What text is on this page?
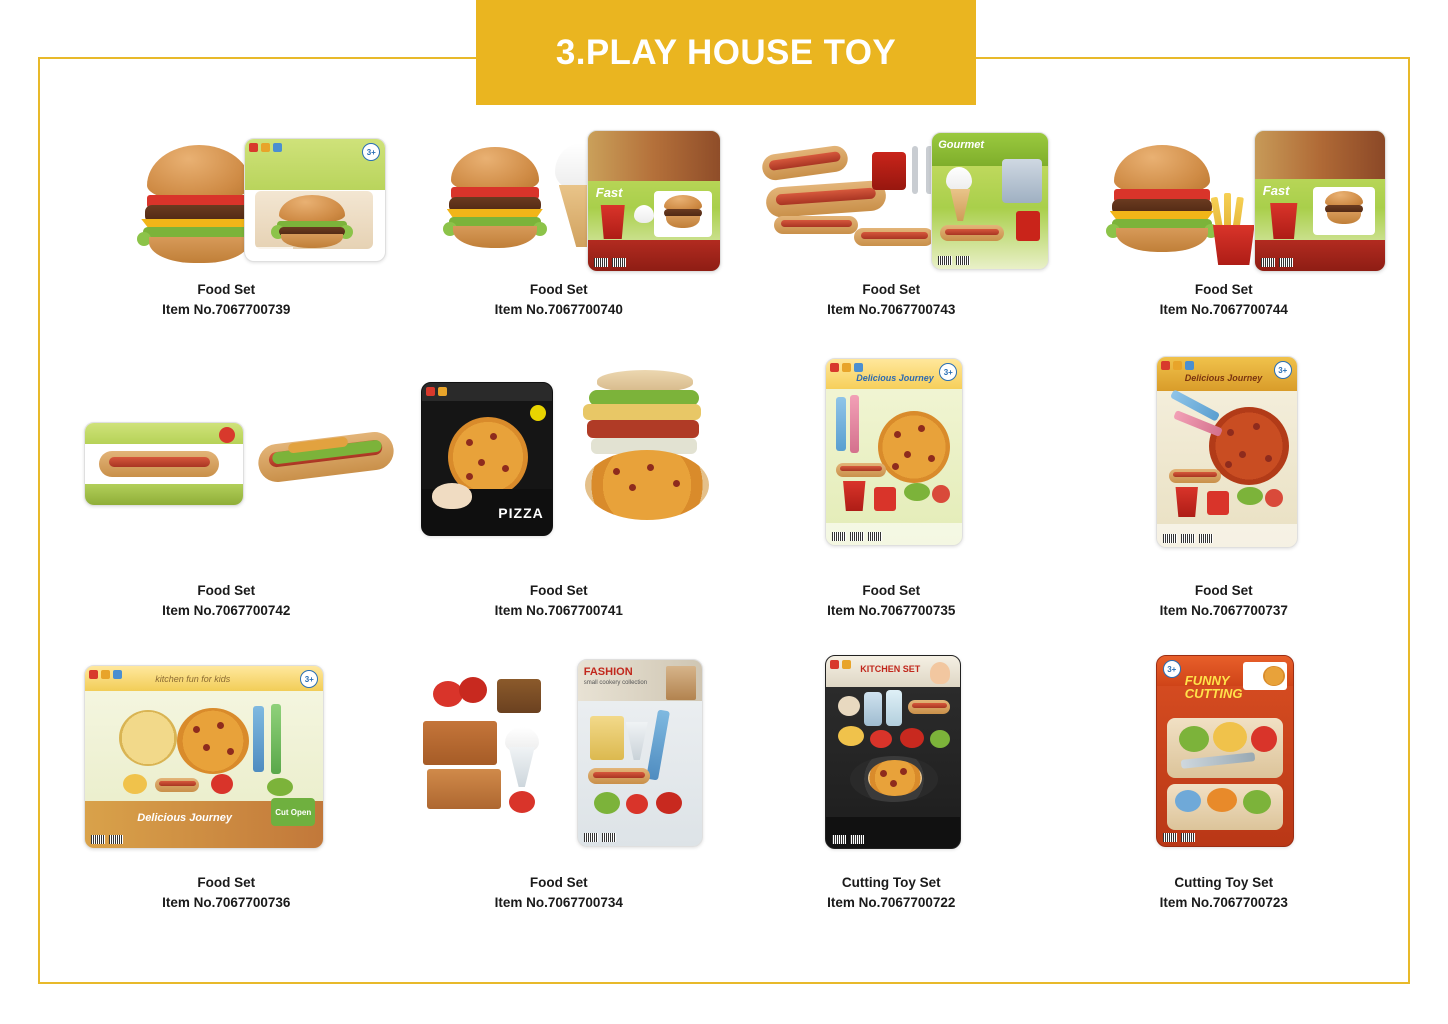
3.PLAY HOUSE TOY
3+
Food Set
Item No.7067700739
Fast
Food Set
Item No.7067700740
Gourmet
Food Set
Item No.7067700743
Fast
Food Set
Item No.7067700744
Food Set
Item No.7067700742
PIZZA
Food Set
Item No.7067700741
3+
Delicious Journey
Food Set
Item No.7067700735
3+
Delicious Journey
Food Set
Item No.7067700737
3+
kitchen fun for kids
Delicious Journey	Cut Open
Food Set
Item No.7067700736
FASHION
small cookery collection
Food Set
Item No.7067700734
KITCHEN SET
Cutting Toy Set
Item No.7067700722
3+
FUNNY
CUTTING
Cutting Toy Set
Item No.7067700723
